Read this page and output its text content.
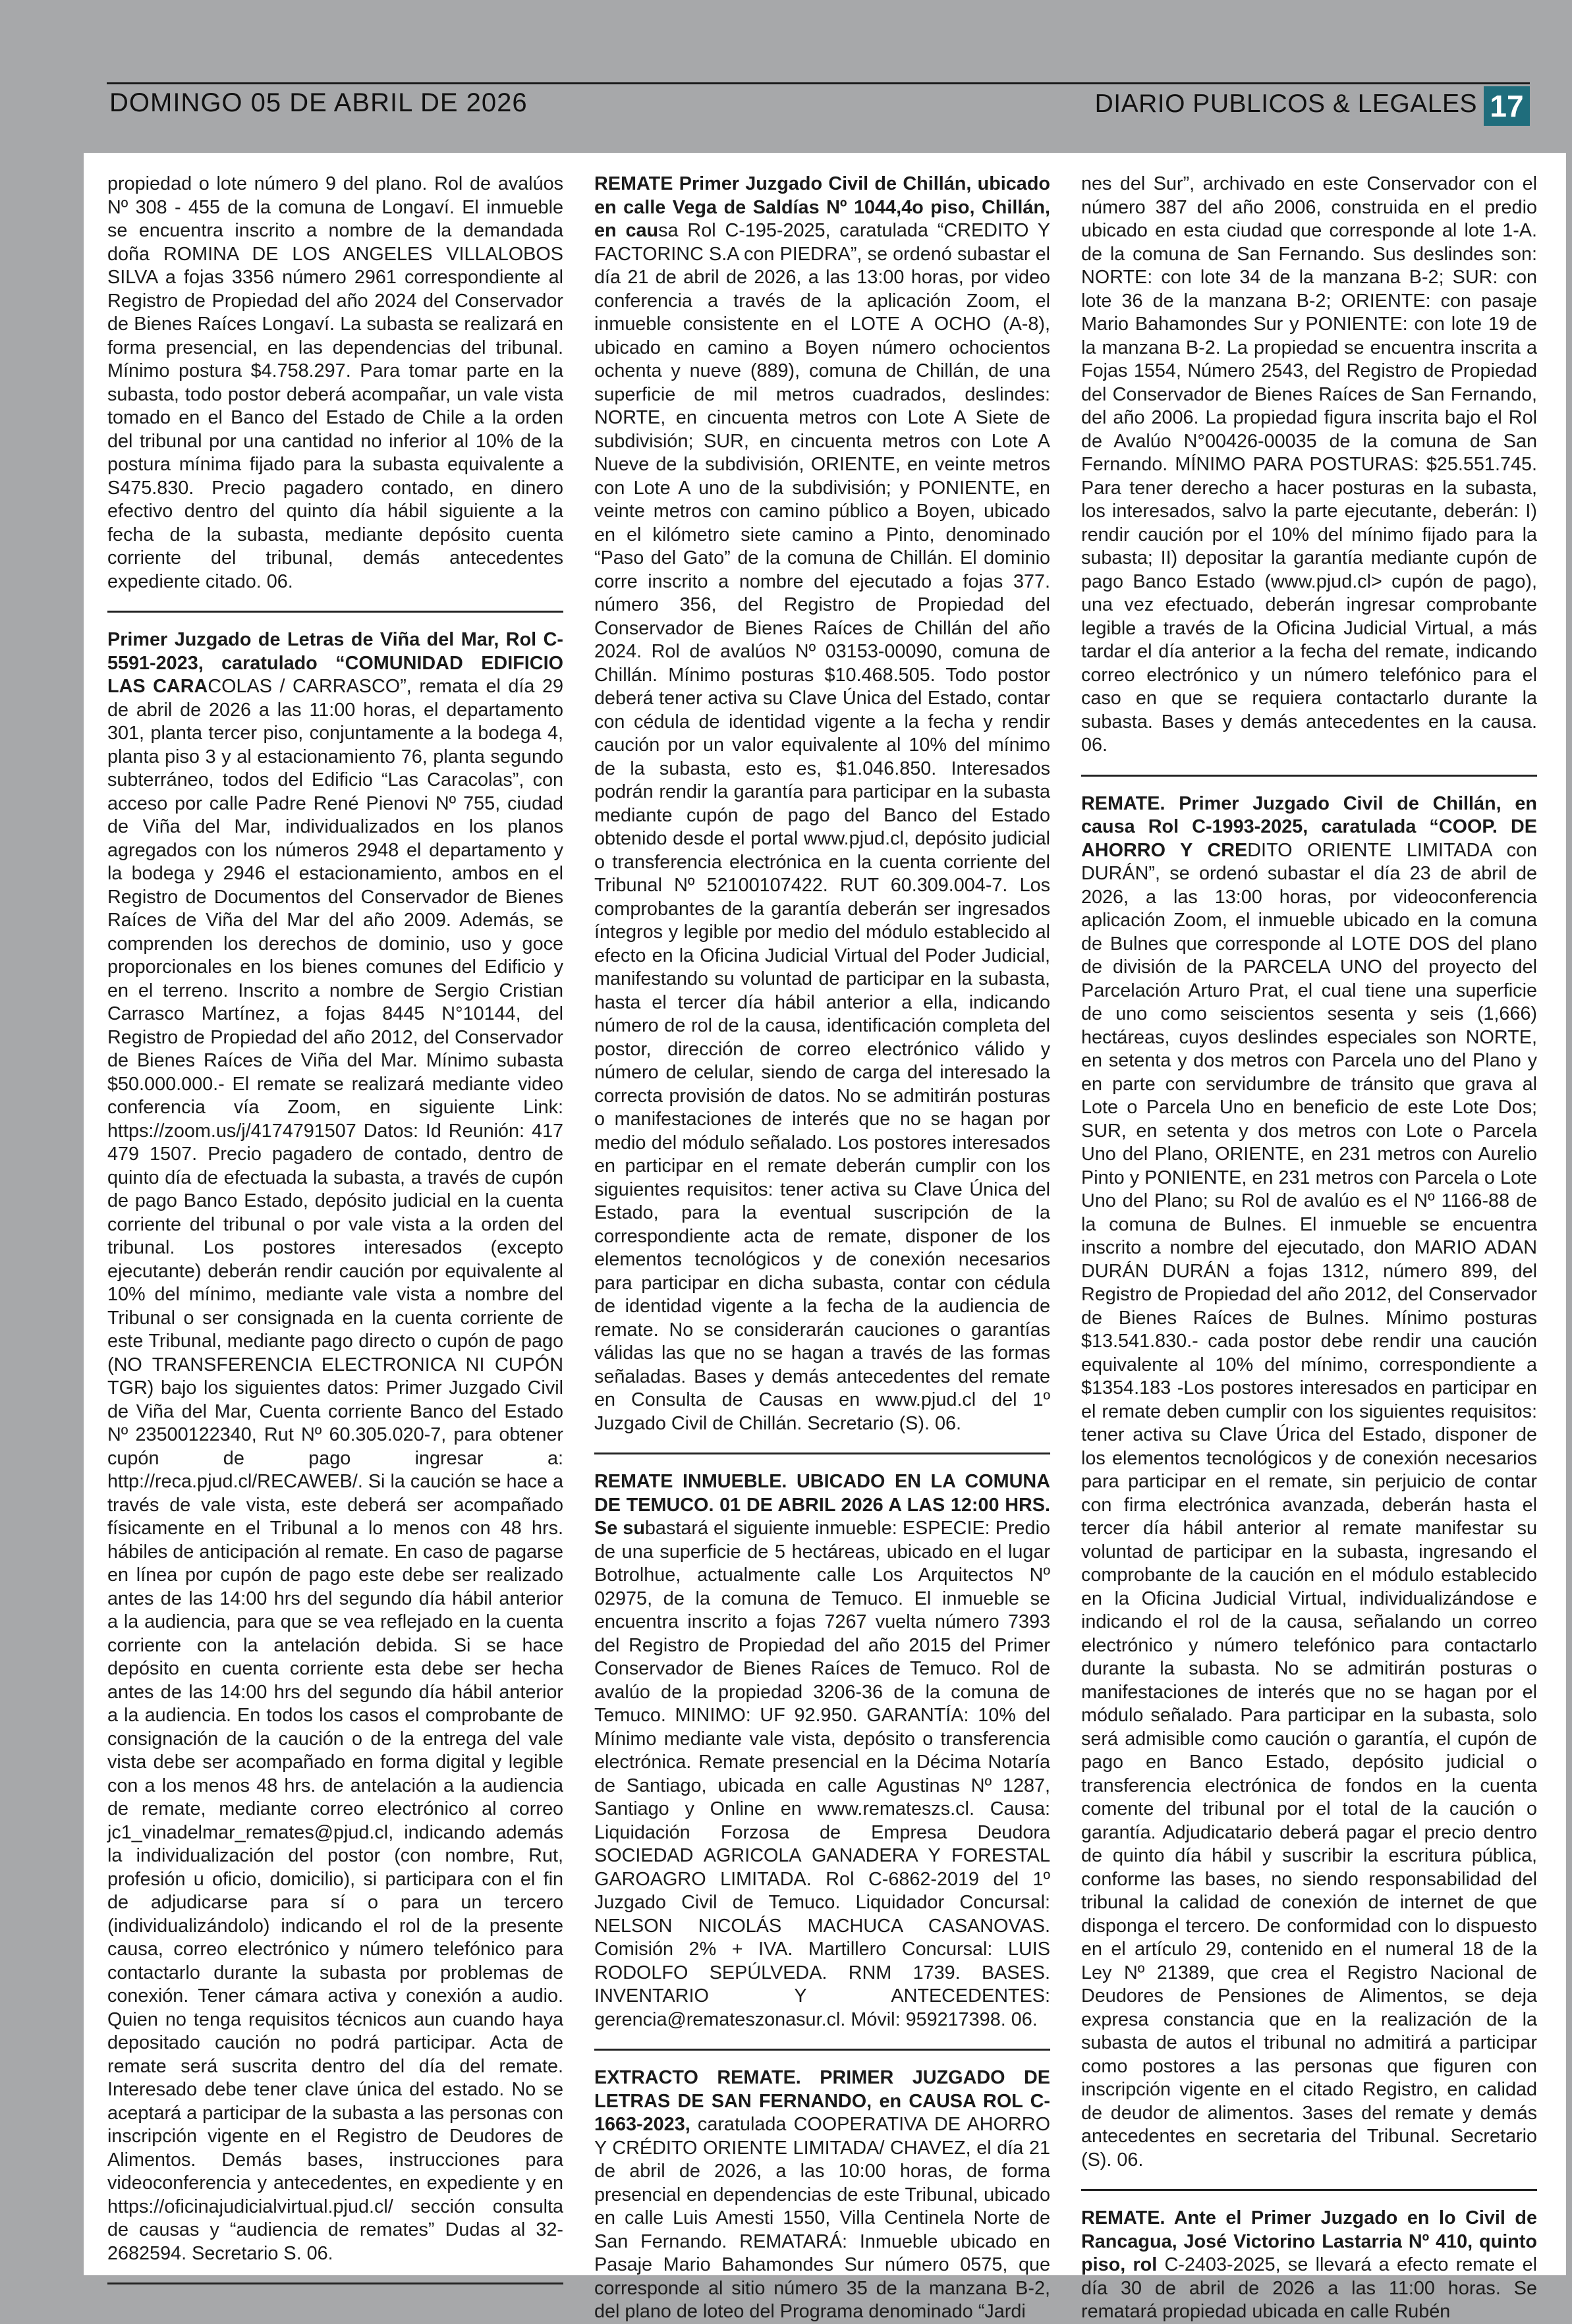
DOMINGO 05 DE ABRIL DE 2026	DIARIO PUBLICOS & LEGALES 17

propiedad o lote número 9 del plano. Rol de avalúos Nº 308 - 455 de la comuna de Longaví. El inmueble se encuentra inscrito a nombre de la demandada doña ROMINA DE LOS ANGELES VILLALOBOS SILVA a fojas 3356 número 2961 correspondiente al Registro de Propiedad del año 2024 del Conservador de Bienes Raíces Longaví. La subasta se realizará en forma presencial, en las dependencias del tribunal. Mínimo postura $4.758.297. Para tomar parte en la subasta, todo postor deberá acompañar, un vale vista tomado en el Banco del Estado de Chile a la orden del tribunal por una cantidad no inferior al 10% de la postura mínima fijado para la subasta equivalente a S475.830. Precio pagadero contado, en dinero efectivo dentro del quinto día hábil siguiente a la fecha de la subasta, mediante depósito cuenta corriente del tribunal, demás antecedentes expediente citado. 06.

Primer Juzgado de Letras de Viña del Mar, Rol C-5591-2023, caratulado “COMUNIDAD EDIFICIO LAS CARACOLAS / CARRASCO”, remata el día 29 de abril de 2026 a las 11:00 horas, el departamento 301, planta tercer piso, conjuntamente a la bodega 4, planta piso 3 y al estacionamiento 76, planta segundo subterráneo, todos del Edificio “Las Caracolas”, con acceso por calle Padre René Pienovi Nº 755, ciudad de Viña del Mar, individualizados en los planos agregados con los números 2948 el departamento y la bodega y 2946 el estacionamiento, ambos en el Registro de Documentos del Conservador de Bienes Raíces de Viña del Mar del año 2009. Además, se comprenden los derechos de dominio, uso y goce proporcionales en los bienes comunes del Edificio y en el terreno. Inscrito a nombre de Sergio Cristian Carrasco Martínez, a fojas 8445 N°10144, del Registro de Propiedad del año 2012, del Conservador de Bienes Raíces de Viña del Mar. Mínimo subasta $50.000.000.- El remate se realizará mediante video conferencia vía Zoom, en siguiente Link: https://zoom.us/j/4174791507 Datos: Id Reunión: 417 479 1507. Precio pagadero de contado, dentro de quinto día de efectuada la subasta, a través de cupón de pago Banco Estado, depósito judicial en la cuenta corriente del tribunal o por vale vista a la orden del tribunal. Los postores interesados (excepto ejecutante) deberán rendir caución por equivalente al 10% del mínimo, mediante vale vista a nombre del Tribunal o ser consignada en la cuenta corriente de este Tribunal, mediante pago directo o cupón de pago (NO TRANSFERENCIA ELECTRONICA NI CUPÓN TGR) bajo los siguientes datos: Primer Juzgado Civil de Viña del Mar, Cuenta corriente Banco del Estado Nº 23500122340, Rut Nº 60.305.020-7, para obtener cupón de pago ingresar a: http://reca.pjud.cl/RECAWEB/. Si la caución se hace a través de vale vista, este deberá ser acompañado físicamente en el Tribunal a lo menos con 48 hrs. hábiles de anticipación al remate. En caso de pagarse en línea por cupón de pago este debe ser realizado antes de las 14:00 hrs del segundo día hábil anterior a la audiencia, para que se vea reflejado en la cuenta corriente con la antelación debida. Si se hace depósito en cuenta corriente esta debe ser hecha antes de las 14:00 hrs del segundo día hábil anterior a la audiencia. En todos los casos el comprobante de consignación de la caución o de la entrega del vale vista debe ser acompañado en forma digital y legible con a los menos 48 hrs. de antelación a la audiencia de remate, mediante correo electrónico al correo jc1_vinadelmar_remates@pjud.cl, indicando además la individualización del postor (con nombre, Rut, profesión u oficio, domicilio), si participara con el fin de adjudicarse para sí o para un tercero (individualizándolo) indicando el rol de la presente causa, correo electrónico y número telefónico para contactarlo durante la subasta por problemas de conexión. Tener cámara activa y conexión a audio. Quien no tenga requisitos técnicos aun cuando haya depositado caución no podrá participar. Acta de remate será suscrita dentro del día del remate. Interesado debe tener clave única del estado. No se aceptará a participar de la subasta a las personas con inscripción vigente en el Registro de Deudores de Alimentos. Demás bases, instrucciones para videoconferencia y antecedentes, en expediente y en https://oficinajudicialvirtual.pjud.cl/ sección consulta de causas y “audiencia de remates” Dudas al 32-2682594. Secretario S. 06.

REMATE Primer Juzgado Civil de Chillán, ubicado en calle Vega de Saldías Nº 1044,4o piso, Chillán, en causa Rol C-195-2025, caratulada “CREDITO Y FACTORINC S.A con PIEDRA”, se ordenó subastar el día 21 de abril de 2026, a las 13:00 horas, por video conferencia a través de la aplicación Zoom, el inmueble consistente en el LOTE A OCHO (A-8), ubicado en camino a Boyen número ochocientos ochenta y nueve (889), comuna de Chillán, de una superficie de mil metros cuadrados, deslindes: NORTE, en cincuenta metros con Lote A Siete de subdivisión; SUR, en cincuenta metros con Lote A Nueve de la subdivisión, ORIENTE, en veinte metros con Lote A uno de la subdivisión; y PONIENTE, en veinte metros con camino público a Boyen, ubicado en el kilómetro siete camino a Pinto, denominado “Paso del Gato” de la comuna de Chillán. El dominio corre inscrito a nombre del ejecutado a fojas 377. número 356, del Registro de Propiedad del Conservador de Bienes Raíces de Chillán del año 2024. Rol de avalúos Nº 03153-00090, comuna de Chillán. Mínimo posturas $10.468.505. Todo postor deberá tener activa su Clave Única del Estado, contar con cédula de identidad vigente a la fecha y rendir caución por un valor equivalente al 10% del mínimo de la subasta, esto es, $1.046.850. Interesados podrán rendir la garantía para participar en la subasta mediante cupón de pago del Banco del Estado obtenido desde el portal www.pjud.cl, depósito judicial o transferencia electrónica en la cuenta corriente del Tribunal Nº 52100107422. RUT 60.309.004-7. Los comprobantes de la garantía deberán ser ingresados íntegros y legible por medio del módulo establecido al efecto en la Oficina Judicial Virtual del Poder Judicial, manifestando su voluntad de participar en la subasta, hasta el tercer día hábil anterior a ella, indicando número de rol de la causa, identificación completa del postor, dirección de correo electrónico válido y número de celular, siendo de carga del interesado la correcta provisión de datos. No se admitirán posturas o manifestaciones de interés que no se hagan por medio del módulo señalado. Los postores interesados en participar en el remate deberán cumplir con los siguientes requisitos: tener activa su Clave Única del Estado, para la eventual suscripción de la correspondiente acta de remate, disponer de los elementos tecnológicos y de conexión necesarios para participar en dicha subasta, contar con cédula de identidad vigente a la fecha de la audiencia de remate. No se considerarán cauciones o garantías válidas las que no se hagan a través de las formas señaladas. Bases y demás antecedentes del remate en Consulta de Causas en www.pjud.cl del 1º Juzgado Civil de Chillán. Secretario (S). 06.

REMATE INMUEBLE. UBICADO EN LA COMUNA DE TEMUCO. 01 DE ABRIL 2026 A LAS 12:00 HRS. Se subastará el siguiente inmueble: ESPECIE: Predio de una superficie de 5 hectáreas, ubicado en el lugar Botrolhue, actualmente calle Los Arquitectos Nº 02975, de la comuna de Temuco. El inmueble se encuentra inscrito a fojas 7267 vuelta número 7393 del Registro de Propiedad del año 2015 del Primer Conservador de Bienes Raíces de Temuco. Rol de avalúo de la propiedad 3206-36 de la comuna de Temuco. MINIMO: UF 92.950. GARANTÍA: 10% del Mínimo mediante vale vista, depósito o transferencia electrónica. Remate presencial en la Décima Notaría de Santiago, ubicada en calle Agustinas Nº 1287, Santiago y Online en www.remateszs.cl. Causa: Liquidación Forzosa de Empresa Deudora SOCIEDAD AGRICOLA GANADERA Y FORESTAL GAROAGRO LIMITADA. Rol C-6862-2019 del 1º Juzgado Civil de Temuco. Liquidador Concursal: NELSON NICOLÁS MACHUCA CASANOVAS. Comisión 2% + IVA. Martillero Concursal: LUIS RODOLFO SEPÚLVEDA. RNM 1739. BASES. INVENTARIO Y ANTECEDENTES: gerencia@remateszonasur.cl. Móvil: 959217398. 06.

EXTRACTO REMATE. PRIMER JUZGADO DE LETRAS DE SAN FERNANDO, en CAUSA ROL C-1663-2023, caratulada COOPERATIVA DE AHORRO Y CRÉDITO ORIENTE LIMITADA/ CHAVEZ, el día 21 de abril de 2026, a las 10:00 horas, de forma presencial en dependencias de este Tribunal, ubicado en calle Luis Amesti 1550, Villa Centinela Norte de San Fernando. REMATARÁ: Inmueble ubicado en Pasaje Mario Bahamondes Sur número 0575, que corresponde al sitio número 35 de la manzana B-2, del plano de loteo del Programa denominado “Jardi

nes del Sur”, archivado en este Conservador con el número 387 del año 2006, construida en el predio ubicado en esta ciudad que corresponde al lote 1-A. de la comuna de San Fernando. Sus deslindes son: NORTE: con lote 34 de la manzana B-2; SUR: con lote 36 de la manzana B-2; ORIENTE: con pasaje Mario Bahamondes Sur y PONIENTE: con lote 19 de la manzana B-2. La propiedad se encuentra inscrita a Fojas 1554, Número 2543, del Registro de Propiedad del Conservador de Bienes Raíces de San Fernando, del año 2006. La propiedad figura inscrita bajo el Rol de Avalúo N°00426-00035 de la comuna de San Fernando. MÍNIMO PARA POSTURAS: $25.551.745. Para tener derecho a hacer posturas en la subasta, los interesados, salvo la parte ejecutante, deberán: I) rendir caución por el 10% del mínimo fijado para la subasta; II) depositar la garantía mediante cupón de pago Banco Estado (www.pjud.cl> cupón de pago), una vez efectuado, deberán ingresar comprobante legible a través de la Oficina Judicial Virtual, a más tardar el día anterior a la fecha del remate, indicando correo electrónico y un número telefónico para el caso en que se requiera contactarlo durante la subasta. Bases y demás antecedentes en la causa. 06.

REMATE. Primer Juzgado Civil de Chillán, en causa Rol C-1993-2025, caratulada “COOP. DE AHORRO Y CREDITO ORIENTE LIMITADA con DURÁN”, se ordenó subastar el día 23 de abril de 2026, a las 13:00 horas, por videoconferencia aplicación Zoom, el inmueble ubicado en la comuna de Bulnes que corresponde al LOTE DOS del plano de división de la PARCELA UNO del proyecto del Parcelación Arturo Prat, el cual tiene una superficie de uno como seiscientos sesenta y seis (1,666) hectáreas, cuyos deslindes especiales son NORTE, en setenta y dos metros con Parcela uno del Plano y en parte con servidumbre de tránsito que grava al Lote o Parcela Uno en beneficio de este Lote Dos; SUR, en setenta y dos metros con Lote o Parcela Uno del Plano, ORIENTE, en 231 metros con Aurelio Pinto y PONIENTE, en 231 metros con Parcela o Lote Uno del Plano; su Rol de avalúo es el Nº 1166-88 de la comuna de Bulnes. El inmueble se encuentra inscrito a nombre del ejecutado, don MARIO ADAN DURÁN DURÁN a fojas 1312, número 899, del Registro de Propiedad del año 2012, del Conservador de Bienes Raíces de Bulnes. Mínimo posturas $13.541.830.- cada postor debe rendir una caución equivalente al 10% del mínimo, correspondiente a $1354.183 -Los postores interesados en participar en el remate deben cumplir con los siguientes requisitos: tener activa su Clave Úrica del Estado, disponer de los elementos tecnológicos y de conexión necesarios para participar en el remate, sin perjuicio de contar con firma electrónica avanzada, deberán hasta el tercer día hábil anterior al remate manifestar su voluntad de participar en la subasta, ingresando el comprobante de la caución en el módulo establecido en la Oficina Judicial Virtual, individualizándose e indicando el rol de la causa, señalando un correo electrónico y número telefónico para contactarlo durante la subasta. No se admitirán posturas o manifestaciones de interés que no se hagan por el módulo señalado. Para participar en la subasta, solo será admisible como caución o garantía, el cupón de pago en Banco Estado, depósito judicial o transferencia electrónica de fondos en la cuenta comente del tribunal por el total de la caución o garantía. Adjudicatario deberá pagar el precio dentro de quinto día hábil y suscribir la escritura pública, conforme las bases, no siendo responsabilidad del tribunal la calidad de conexión de internet de que disponga el tercero. De conformidad con lo dispuesto en el artículo 29, contenido en el numeral 18 de la Ley Nº 21389, que crea el Registro Nacional de Deudores de Pensiones de Alimentos, se deja expresa constancia que en la realización de la subasta de autos el tribunal no admitirá a participar como postores a las personas que figuren con inscripción vigente en el citado Registro, en calidad de deudor de alimentos. 3ases del remate y demás antecedentes en secretaria del Tribunal. Secretario (S). 06.

REMATE. Ante el Primer Juzgado en lo Civil de Rancagua, José Victorino Lastarria Nº 410, quinto piso, rol C-2403-2025, se llevará a efecto remate el día 30 de abril de 2026 a las 11:00 horas. Se rematará propiedad ubicada en calle Rubén
